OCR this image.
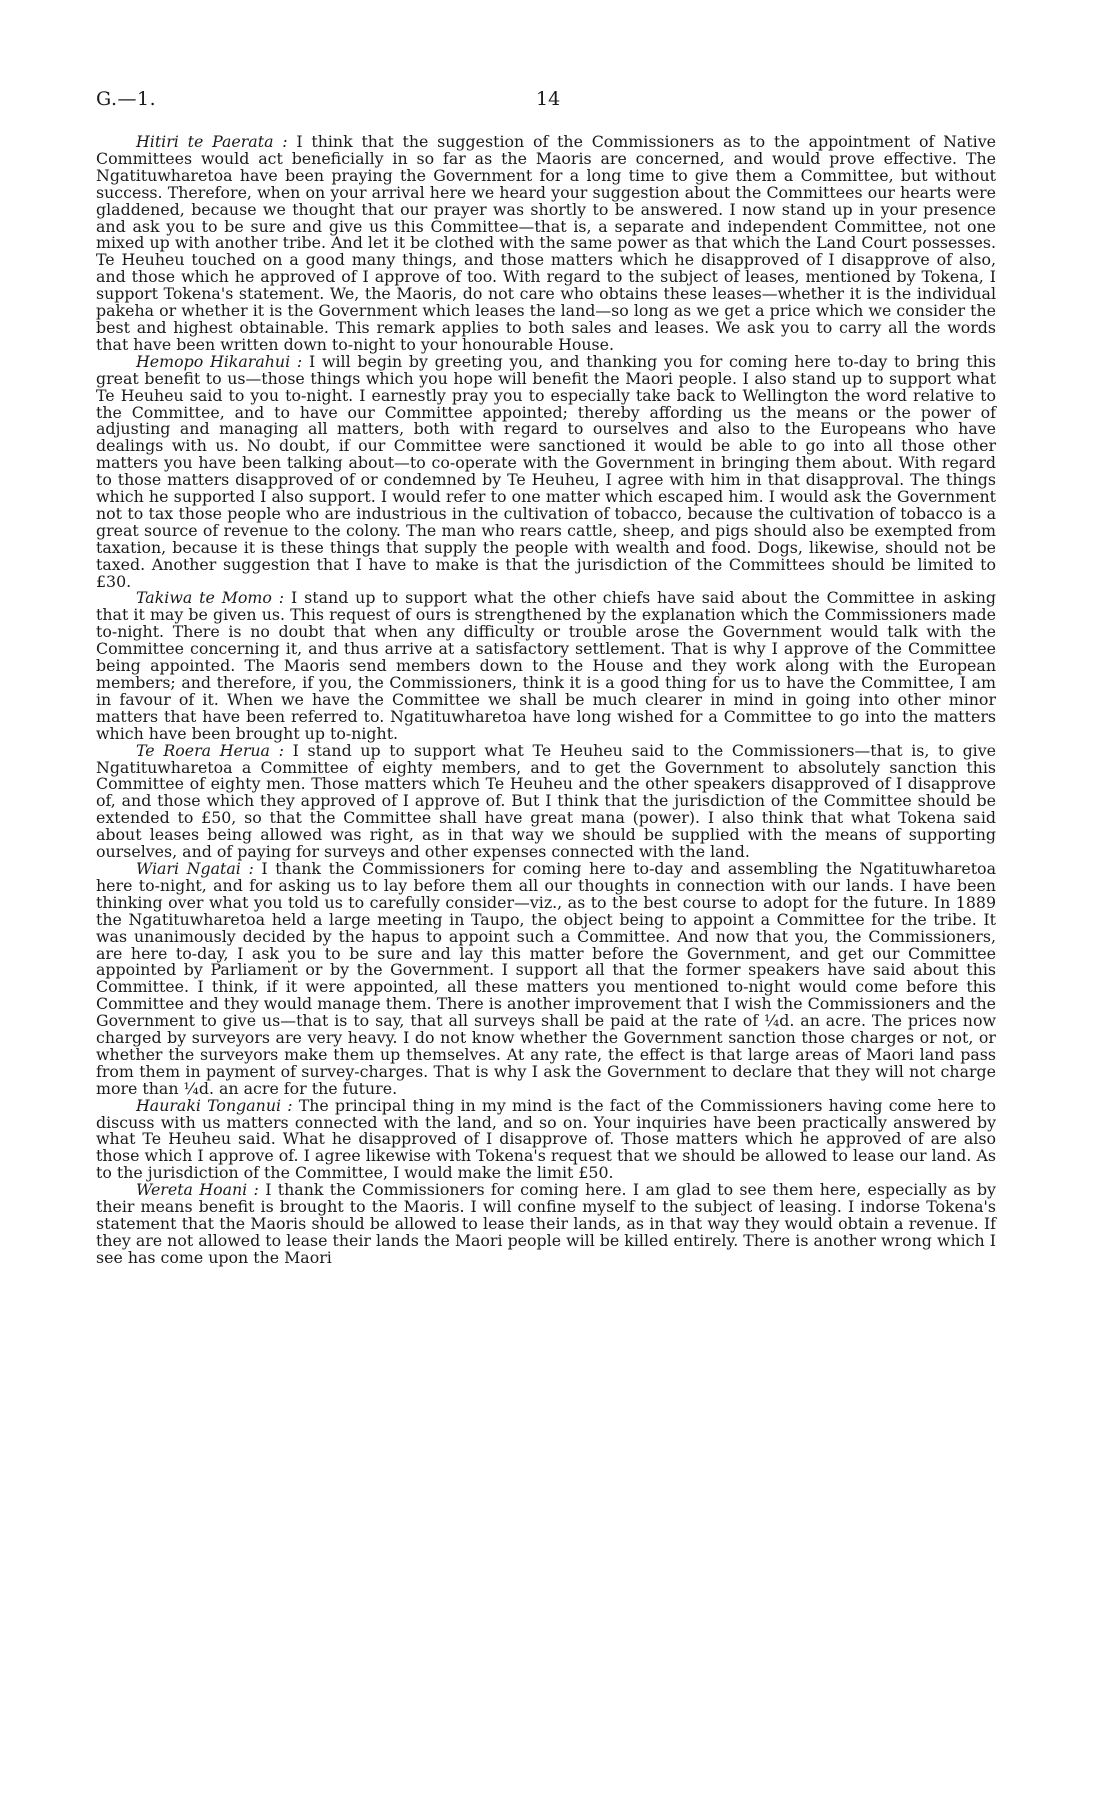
G.—1.	14

Hitiri te Paerata : I think that the suggestion of the Commissioners as to the appointment of Native Committees would act beneficially in so far as the Maoris are concerned, and would prove effective. The Ngatituwharetoa have been praying the Government for a long time to give them a Committee, but without success. Therefore, when on your arrival here we heard your suggestion about the Committees our hearts were gladdened, because we thought that our prayer was shortly to be answered. I now stand up in your presence and ask you to be sure and give us this Committee—that is, a separate and independent Committee, not one mixed up with another tribe. And let it be clothed with the same power as that which the Land Court possesses. Te Heuheu touched on a good many things, and those matters which he disapproved of I disapprove of also, and those which he approved of I approve of too. With regard to the subject of leases, mentioned by Tokena, I support Tokena's statement. We, the Maoris, do not care who obtains these leases—whether it is the individual pakeha or whether it is the Government which leases the land—so long as we get a price which we consider the best and highest obtainable. This remark applies to both sales and leases. We ask you to carry all the words that have been written down to-night to your honourable House.

Hemopo Hikarahui : I will begin by greeting you, and thanking you for coming here to-day to bring this great benefit to us—those things which you hope will benefit the Maori people. I also stand up to support what Te Heuheu said to you to-night. I earnestly pray you to especially take back to Wellington the word relative to the Committee, and to have our Committee appointed; thereby affording us the means or the power of adjusting and managing all matters, both with regard to ourselves and also to the Europeans who have dealings with us. No doubt, if our Committee were sanctioned it would be able to go into all those other matters you have been talking about—to co-operate with the Government in bringing them about. With regard to those matters disapproved of or condemned by Te Heuheu, I agree with him in that disapproval. The things which he supported I also support. I would refer to one matter which escaped him. I would ask the Government not to tax those people who are industrious in the cultivation of tobacco, because the cultivation of tobacco is a great source of revenue to the colony. The man who rears cattle, sheep, and pigs should also be exempted from taxation, because it is these things that supply the people with wealth and food. Dogs, likewise, should not be taxed. Another suggestion that I have to make is that the jurisdiction of the Committees should be limited to £30.

Takiwa te Momo : I stand up to support what the other chiefs have said about the Committee in asking that it may be given us. This request of ours is strengthened by the explanation which the Commissioners made to-night. There is no doubt that when any difficulty or trouble arose the Government would talk with the Committee concerning it, and thus arrive at a satisfactory settlement. That is why I approve of the Committee being appointed. The Maoris send members down to the House and they work along with the European members; and therefore, if you, the Commissioners, think it is a good thing for us to have the Committee, I am in favour of it. When we have the Committee we shall be much clearer in mind in going into other minor matters that have been referred to. Ngatituwharetoa have long wished for a Committee to go into the matters which have been brought up to-night.

Te Roera Herua : I stand up to support what Te Heuheu said to the Commissioners—that is, to give Ngatituwharetoa a Committee of eighty members, and to get the Government to absolutely sanction this Committee of eighty men. Those matters which Te Heuheu and the other speakers disapproved of I disapprove of, and those which they approved of I approve of. But I think that the jurisdiction of the Committee should be extended to £50, so that the Committee shall have great mana (power). I also think that what Tokena said about leases being allowed was right, as in that way we should be supplied with the means of supporting ourselves, and of paying for surveys and other expenses connected with the land.

Wiari Ngatai : I thank the Commissioners for coming here to-day and assembling the Ngatituwharetoa here to-night, and for asking us to lay before them all our thoughts in connection with our lands. I have been thinking over what you told us to carefully consider—viz., as to the best course to adopt for the future. In 1889 the Ngatituwharetoa held a large meeting in Taupo, the object being to appoint a Committee for the tribe. It was unanimously decided by the hapus to appoint such a Committee. And now that you, the Commissioners, are here to-day, I ask you to be sure and lay this matter before the Government, and get our Committee appointed by Parliament or by the Government. I support all that the former speakers have said about this Committee. I think, if it were appointed, all these matters you mentioned to-night would come before this Committee and they would manage them. There is another improvement that I wish the Commissioners and the Government to give us—that is to say, that all surveys shall be paid at the rate of ¼d. an acre. The prices now charged by surveyors are very heavy. I do not know whether the Government sanction those charges or not, or whether the surveyors make them up themselves. At any rate, the effect is that large areas of Maori land pass from them in payment of survey-charges. That is why I ask the Government to declare that they will not charge more than ¼d. an acre for the future.

Hauraki Tonganui : The principal thing in my mind is the fact of the Commissioners having come here to discuss with us matters connected with the land, and so on. Your inquiries have been practically answered by what Te Heuheu said. What he disapproved of I disapprove of. Those matters which he approved of are also those which I approve of. I agree likewise with Tokena's request that we should be allowed to lease our land. As to the jurisdiction of the Committee, I would make the limit £50.

Wereta Hoani : I thank the Commissioners for coming here. I am glad to see them here, especially as by their means benefit is brought to the Maoris. I will confine myself to the subject of leasing. I indorse Tokena's statement that the Maoris should be allowed to lease their lands, as in that way they would obtain a revenue. If they are not allowed to lease their lands the Maori people will be killed entirely. There is another wrong which I see has come upon the Maori
